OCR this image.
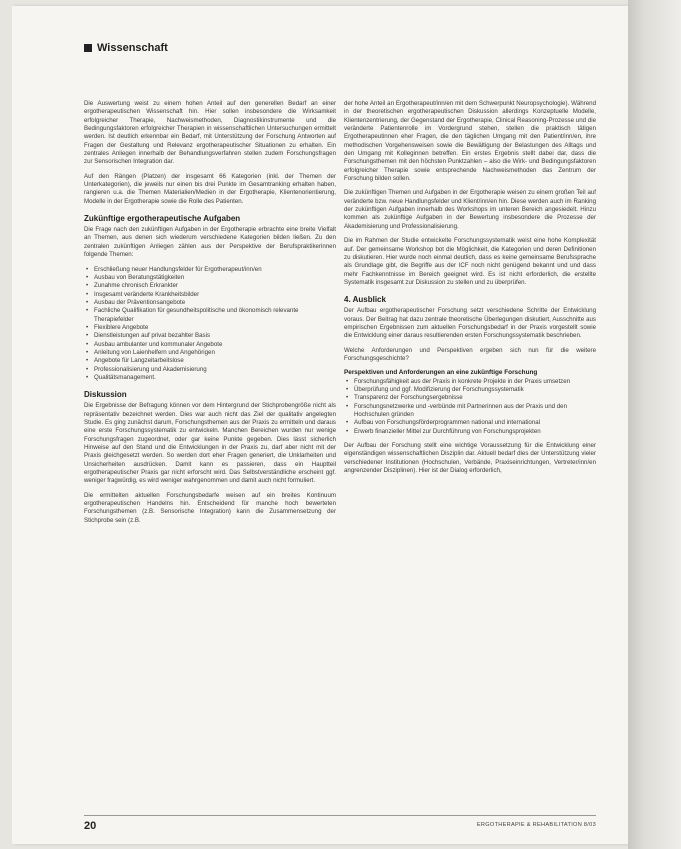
Wissenschaft

Die Auswertung weist zu einem hohen Anteil auf den generellen Bedarf an einer ergotherapeutischen Wissenschaft hin. Hier sollen insbesondere die Wirksamkeit erfolgreicher Therapie, Nachweismethoden, Diagnostikinstrumente und die Bedingungsfaktoren erfolgreicher Therapien in wissenschaftlichen Untersuchungen ermittelt werden. Ist deutlich erkennbar ein Bedarf, mit Unterstützung der Forschung Antworten auf Fragen der Gestaltung und Relevanz ergotherapeutischer Situationen zu erhalten. Ein zentrales Anliegen innerhalb der Behandlungsverfahren stellen zudem Forschungsfragen zur Sensorischen Integration dar.

Auf den Rängen (Platzen) der insgesamt 66 Kategorien (inkl. der Themen der Unterkategorien), die jeweils nur einen bis drei Punkte im Gesamtranking erhalten haben, rangieren u.a. die Themen Materialien/Medien in der Ergotherapie, Klientenorientierung, Modelle in der Ergotherapie sowie die Rolle des Patienten.

Zukünftige ergotherapeutische Aufgaben

Die Frage nach den zukünftigen Aufgaben in der Ergotherapie erbrachte eine breite Vielfalt an Themen, aus denen sich wiederum verschiedene Kategorien bilden ließen. Zu den zentralen zukünftigen Anliegen zählen aus der Perspektive der Berufspraktikerinnen folgende Themen:

• Erschließung neuer Handlungsfelder für Ergotherapeut/inn/en
• Ausbau von Beratungstätigkeiten
• Zunahme chronisch Erkrankter
• Insgesamt veränderte Krankheitsbilder
• Ausbau der Präventionsangebote
• Fachliche Qualifikation für gesundheitspolitische und ökonomisch relevante Therapiefelder
• Flexiblere Angebote
• Dienstleistungen auf privat bezahlter Basis
• Ausbau ambulanter und kommunaler Angebote
• Anleitung von Laienhelfern und Angehörigen
• Angebote für Langzeitarbeitslose
• Professionalisierung und Akademisierung
• Qualitätsmanagement.
Diskussion

Die Ergebnisse der Befragung können vor dem Hintergrund der Stichprobengröße nicht als repräsentativ bezeichnet werden. Dies war auch nicht das Ziel der qualitativ angelegten Studie. Es ging zunächst darum, Forschungsthemen aus der Praxis zu ermitteln und daraus eine erste Forschungssystematik zu entwickeln. Manchen Bereichen wurden nur wenige Forschungsfragen zugeordnet, oder gar keine Punkte gegeben. Dies lässt sicherlich Hinweise auf den Stand und die Entwicklungen in der Praxis zu, darf aber nicht mit der Praxis gleichgesetzt werden. So werden dort eher Fragen generiert, die Unklarheiten und Unsicherheiten ausdrücken. Damit kann es passieren, dass ein Hauptteil ergotherapeutischer Praxis gar nicht erforscht wird. Das Selbstverständliche erscheint ggf. weniger fragwürdig, es wird weniger wahrgenommen und damit auch nicht formuliert.

Die ermittelten aktuellen Forschungsbedarfe weisen auf ein breites Kontinuum ergotherapeutischen Handelns hin. Entscheidend für manche hoch bewerteten Forschungsthemen (z.B. Sensorische Integration) kann die Zusammensetzung der Stichprobe sein (z.B.

der hohe Anteil an Ergotherapeut/inn/en mit dem Schwerpunkt Neuropsychologie). Während in der theoretischen ergotherapeutischen Diskussion allerdings Konzeptuelle Modelle, Klientenzentrierung, der Gegenstand der Ergotherapie, Clinical Reasoning-Prozesse und die veränderte Patientenrolle im Vordergrund stehen, stellen die praktisch tätigen Ergotherapeutinnen eher Fragen, die den täglichen Umgang mit den Patient/inn/en, ihre methodischen Vorgehensweisen sowie die Bewältigung der Belastungen des Alltags und den Umgang mit Kolleginnen betreffen. Ein erstes Ergebnis stellt dabei dar, dass die Forschungsthemen mit den höchsten Punktzahlen – also die Wirk- und Bedingungsfaktoren erfolgreicher Therapie sowie entsprechende Nachweismethoden das Zentrum der Forschung bilden sollen.

Die zukünftigen Themen und Aufgaben in der Ergotherapie weisen zu einem großen Teil auf veränderte bzw. neue Handlungsfelder und Klient/inn/en hin. Diese werden auch im Ranking der zukünftigen Aufgaben innerhalb des Workshops im unteren Bereich angesiedelt. Hinzu kommen als zukünftige Aufgaben in der Bewertung insbesondere die Prozesse der Akademisierung und Professionalisierung.

Die im Rahmen der Studie entwickelte Forschungssystematik weist eine hohe Komplexität auf. Der gemeinsame Workshop bot die Möglichkeit, die Kategorien und deren Definitionen zu diskutieren. Hier wurde noch einmal deutlich, dass es keine gemeinsame Berufssprache als Grundlage gibt, die Begriffe aus der ICF noch nicht genügend bekannt und und dass mehr Fachkenntnisse im Bereich geeignet wird. Es ist nicht erforderlich, die erstellte Systematik insgesamt zur Diskussion zu stellen und zu überprüfen.

4. Ausblick

Der Aufbau ergotherapeutischer Forschung setzt verschiedene Schritte der Entwicklung voraus. Der Beitrag hat dazu zentrale theoretische Überlegungen diskutiert, Ausschnitte aus empirischen Ergebnissen zum aktuellen Forschungsbedarf in der Praxis vorgestellt sowie die Entwicklung einer daraus resultierenden ersten Forschungssystematik beschrieben.

Welche Anforderungen und Perspektiven ergeben sich nun für die weitere Forschungsgeschichte?

Perspektiven und Anforderungen an eine zukünftige Forschung
• Forschungsfähigkeit aus der Praxis in konkrete Projekte in der Praxis umsetzen
• Überprüfung und ggf. Modifizierung der Forschungssystematik
• Transparenz der Forschungsergebnisse
• Forschungsnetzwerke und -verbünde mit Partnerinnen aus der Praxis und den Hochschulen gründen
• Aufbau von Forschungsförderprogrammen national und international
• Erwerb finanzieller Mittel zur Durchführung von Forschungsprojekten

Der Aufbau der Forschung stellt eine wichtige Voraussetzung für die Entwicklung einer eigenständigen wissenschaftlichen Disziplin dar. Aktuell bedarf dies der Unterstützung vieler verschiedener Institutionen (Hochschulen, Verbände, Praxiseinrichtungen, Vertreter/inn/en angrenzender Disziplinen). Hier ist der Dialog erforderlich,

20	ERGOTHERAPIE & REHABILITATION 8/03
